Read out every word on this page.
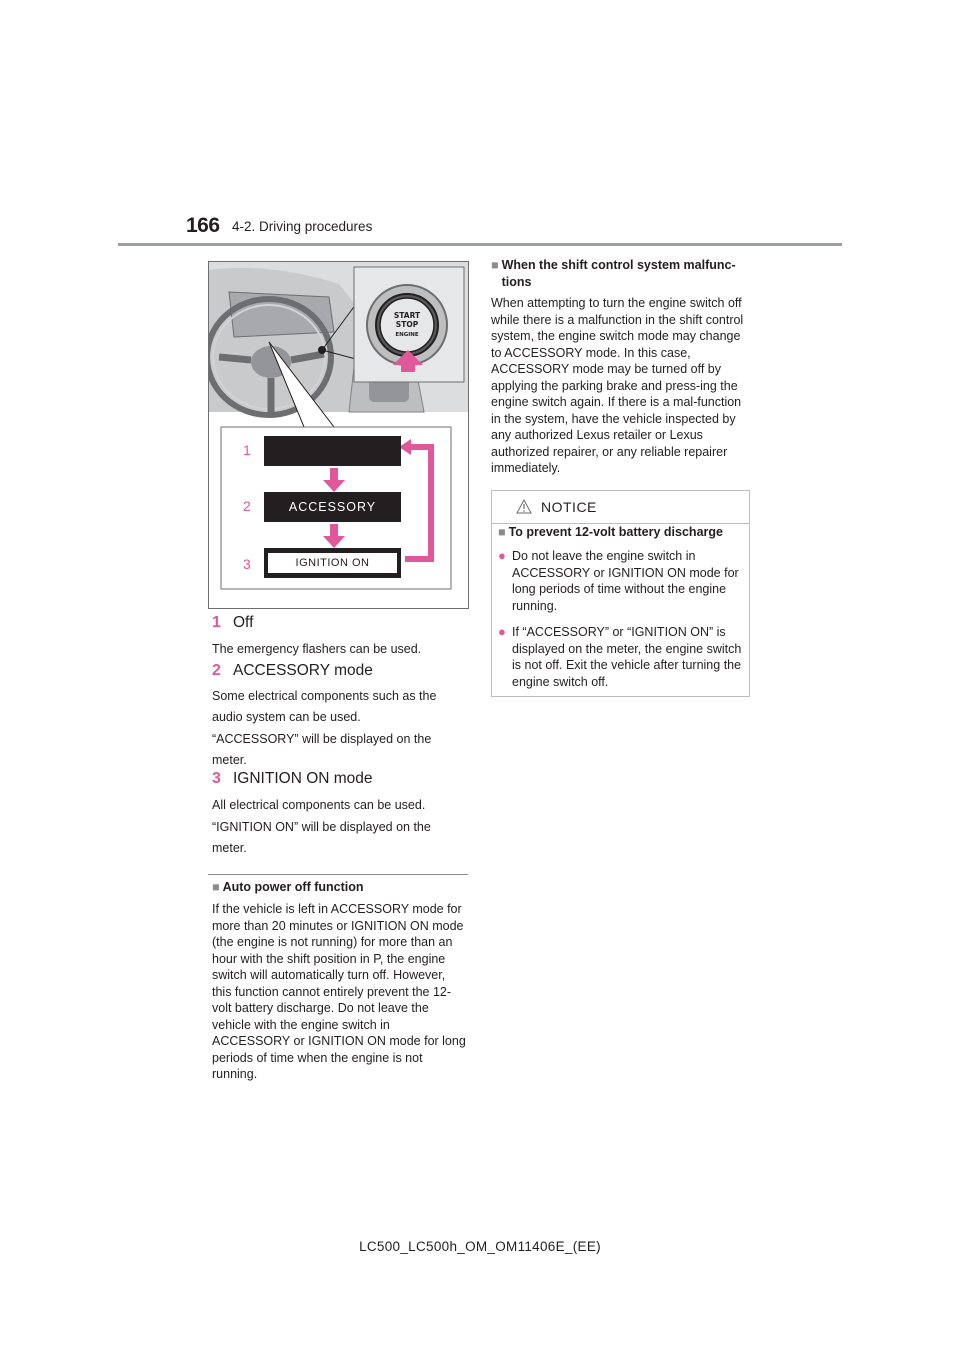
166 4-2. Driving procedures
START
STOP
ENGINE
1
2	ACCESSORY
3	IGNITION ON
1 Off
The emergency flashers can be used.
2 ACCESSORY mode
Some electrical components such as the audio system can be used.
“ACCESSORY” will be displayed on the meter.
3 IGNITION ON mode
All electrical components can be used.
“IGNITION ON” will be displayed on the meter.
■ Auto power off function
If the vehicle is left in ACCESSORY mode for more than 20 minutes or IGNITION ON mode (the engine is not running) for more than an hour with the shift position in P, the engine switch will automatically turn off. However, this function cannot entirely prevent the 12-volt battery discharge. Do not leave the vehicle with the engine switch in ACCESSORY or IGNITION ON mode for long periods of time when the engine is not running.
■ When the shift control system malfunc-tions
When attempting to turn the engine switch off while there is a malfunction in the shift control system, the engine switch mode may change to ACCESSORY mode. In this case, ACCESSORY mode may be turned off by applying the parking brake and press-ing the engine switch again. If there is a mal-function in the system, have the vehicle inspected by any authorized Lexus retailer or Lexus authorized repairer, or any reliable repairer immediately.
NOTICE
■ To prevent 12-volt battery discharge
● Do not leave the engine switch in ACCESSORY or IGNITION ON mode for long periods of time without the engine running.
● If “ACCESSORY” or “IGNITION ON” is displayed on the meter, the engine switch is not off. Exit the vehicle after turning the engine switch off.
LC500_LC500h_OM_OM11406E_(EE)
